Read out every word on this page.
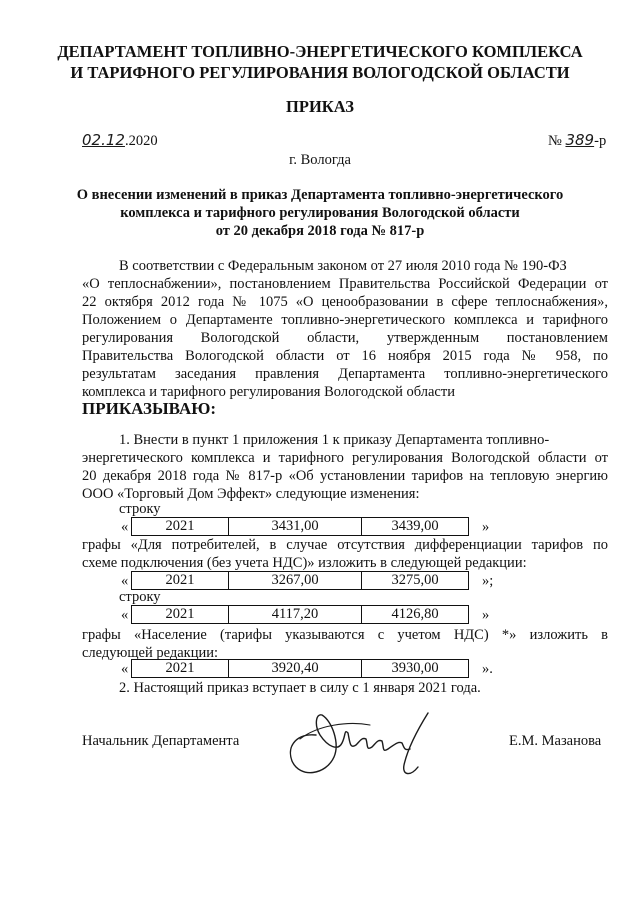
ДЕПАРТАМЕНТ ТОПЛИВНО-ЭНЕРГЕТИЧЕСКОГО КОМПЛЕКСА
И ТАРИФНОГО РЕГУЛИРОВАНИЯ ВОЛОГОДСКОЙ ОБЛАСТИ
ПРИКАЗ
02.12.2020	№ 389-р
г. Вологда
О внесении изменений в приказ Департамента топливно-энергетического
комплекса и тарифного регулирования Вологодской области
от 20 декабря 2018 года № 817-р
В соответствии с Федеральным законом от 27 июля 2010 года № 190-ФЗ
«О теплоснабжении», постановлением Правительства Российской Федерации от
22 октября 2012 года № 1075 «О ценообразовании в сфере теплоснабжения»,
Положением о Департаменте топливно-энергетического комплекса и тарифного
регулирования Вологодской области, утвержденным постановлением
Правительства Вологодской области от 16 ноября 2015 года № 958, по
результатам заседания правления Департамента топливно-энергетического
комплекса и тарифного регулирования Вологодской области
ПРИКАЗЫВАЮ:
1. Внести в пункт 1 приложения 1 к приказу Департамента топливно-
энергетического комплекса и тарифного регулирования Вологодской области от
20 декабря 2018 года № 817-р «Об установлении тарифов на тепловую энергию
ООО «Торговый Дом Эффект» следующие изменения:
строку
«	2021	3431,00	3439,00	»
графы «Для потребителей, в случае отсутствия дифференциации тарифов по
схеме подключения (без учета НДС)» изложить в следующей редакции:
«	2021	3267,00	3275,00	»;
строку
«	2021	4117,20	4126,80	»
графы «Население (тарифы указываются с учетом НДС) *» изложить в
следующей редакции:
«	2021	3920,40	3930,00	».
2. Настоящий приказ вступает в силу с 1 января 2021 года.
Начальник Департамента	Е.М. Мазанова
